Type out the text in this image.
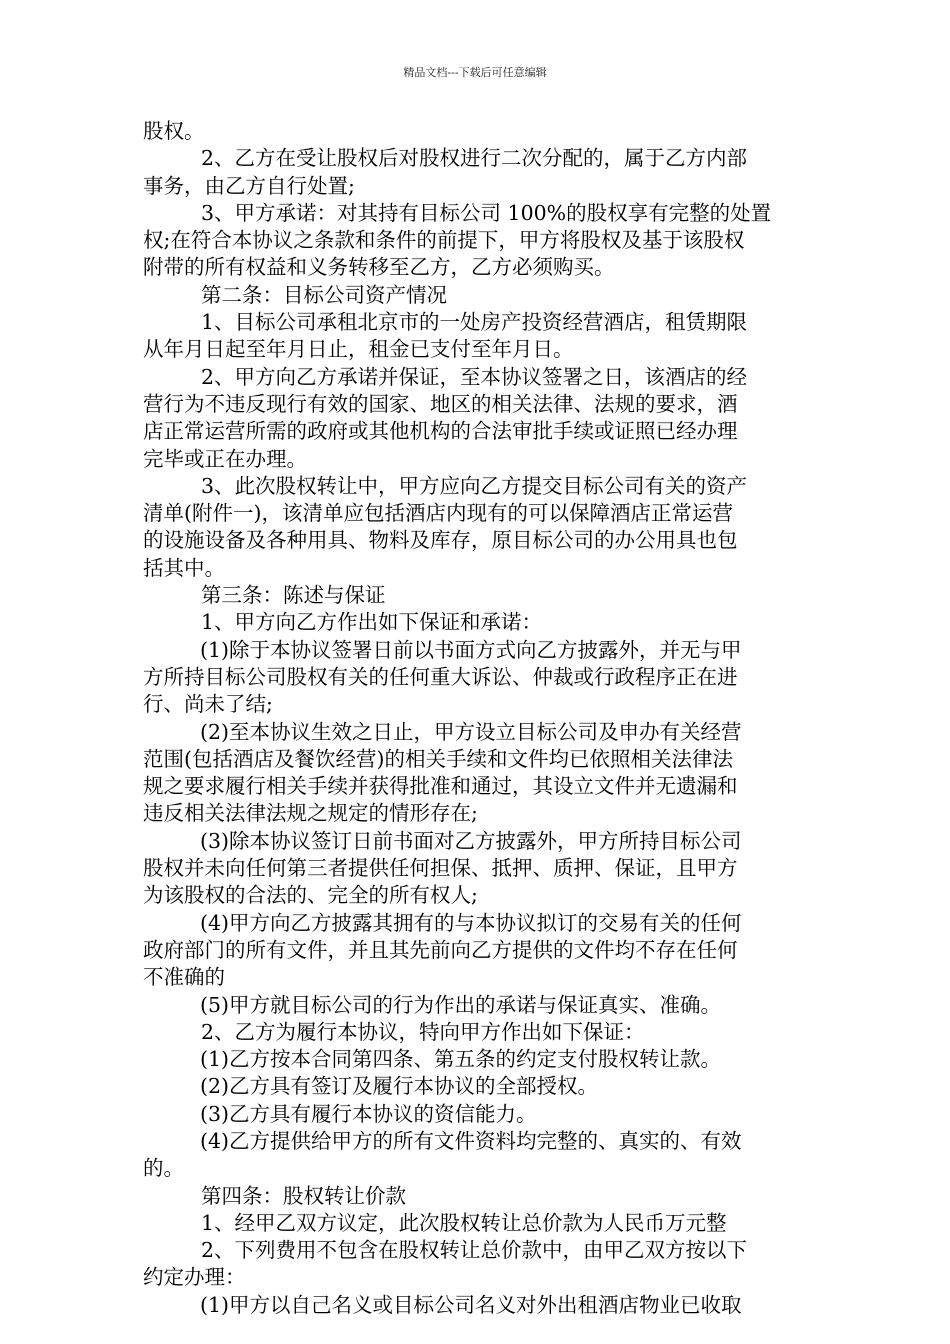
精品文档---下载后可任意编辑
股权。
2、乙方在受让股权后对股权进行二次分配的，属于乙方内部
事务，由乙方自行处置;
3、甲方承诺：对其持有目标公司 100%的股权享有完整的处置
权;在符合本协议之条款和条件的前提下，甲方将股权及基于该股权
附带的所有权益和义务转移至乙方，乙方必须购买。
第二条：目标公司资产情况
1、目标公司承租北京市的一处房产投资经营酒店，租赁期限
从年月日起至年月日止，租金已支付至年月日。
2、甲方向乙方承诺并保证，至本协议签署之日，该酒店的经
营行为不违反现行有效的国家、地区的相关法律、法规的要求，酒
店正常运营所需的政府或其他机构的合法审批手续或证照已经办理
完毕或正在办理。
3、此次股权转让中，甲方应向乙方提交目标公司有关的资产
清单(附件一)，该清单应包括酒店内现有的可以保障酒店正常运营
的设施设备及各种用具、物料及库存，原目标公司的办公用具也包
括其中。
第三条：陈述与保证
1、甲方向乙方作出如下保证和承诺：
(1)除于本协议签署日前以书面方式向乙方披露外，并无与甲
方所持目标公司股权有关的任何重大诉讼、仲裁或行政程序正在进
行、尚未了结;
(2)至本协议生效之日止，甲方设立目标公司及申办有关经营
范围(包括酒店及餐饮经营)的相关手续和文件均已依照相关法律法
规之要求履行相关手续并获得批准和通过，其设立文件并无遗漏和
违反相关法律法规之规定的情形存在;
(3)除本协议签订日前书面对乙方披露外，甲方所持目标公司
股权并未向任何第三者提供任何担保、抵押、质押、保证，且甲方
为该股权的合法的、完全的所有权人;
(4)甲方向乙方披露其拥有的与本协议拟订的交易有关的任何
政府部门的所有文件，并且其先前向乙方提供的文件均不存在任何
不准确的
(5)甲方就目标公司的行为作出的承诺与保证真实、准确。
2、乙方为履行本协议，特向甲方作出如下保证：
(1)乙方按本合同第四条、第五条的约定支付股权转让款。
(2)乙方具有签订及履行本协议的全部授权。
(3)乙方具有履行本协议的资信能力。
(4)乙方提供给甲方的所有文件资料均完整的、真实的、有效
的。
第四条：股权转让价款
1、经甲乙双方议定，此次股权转让总价款为人民币万元整
2、下列费用不包含在股权转让总价款中，由甲乙双方按以下
约定办理：
(1)甲方以自己名义或目标公司名义对外出租酒店物业已收取
